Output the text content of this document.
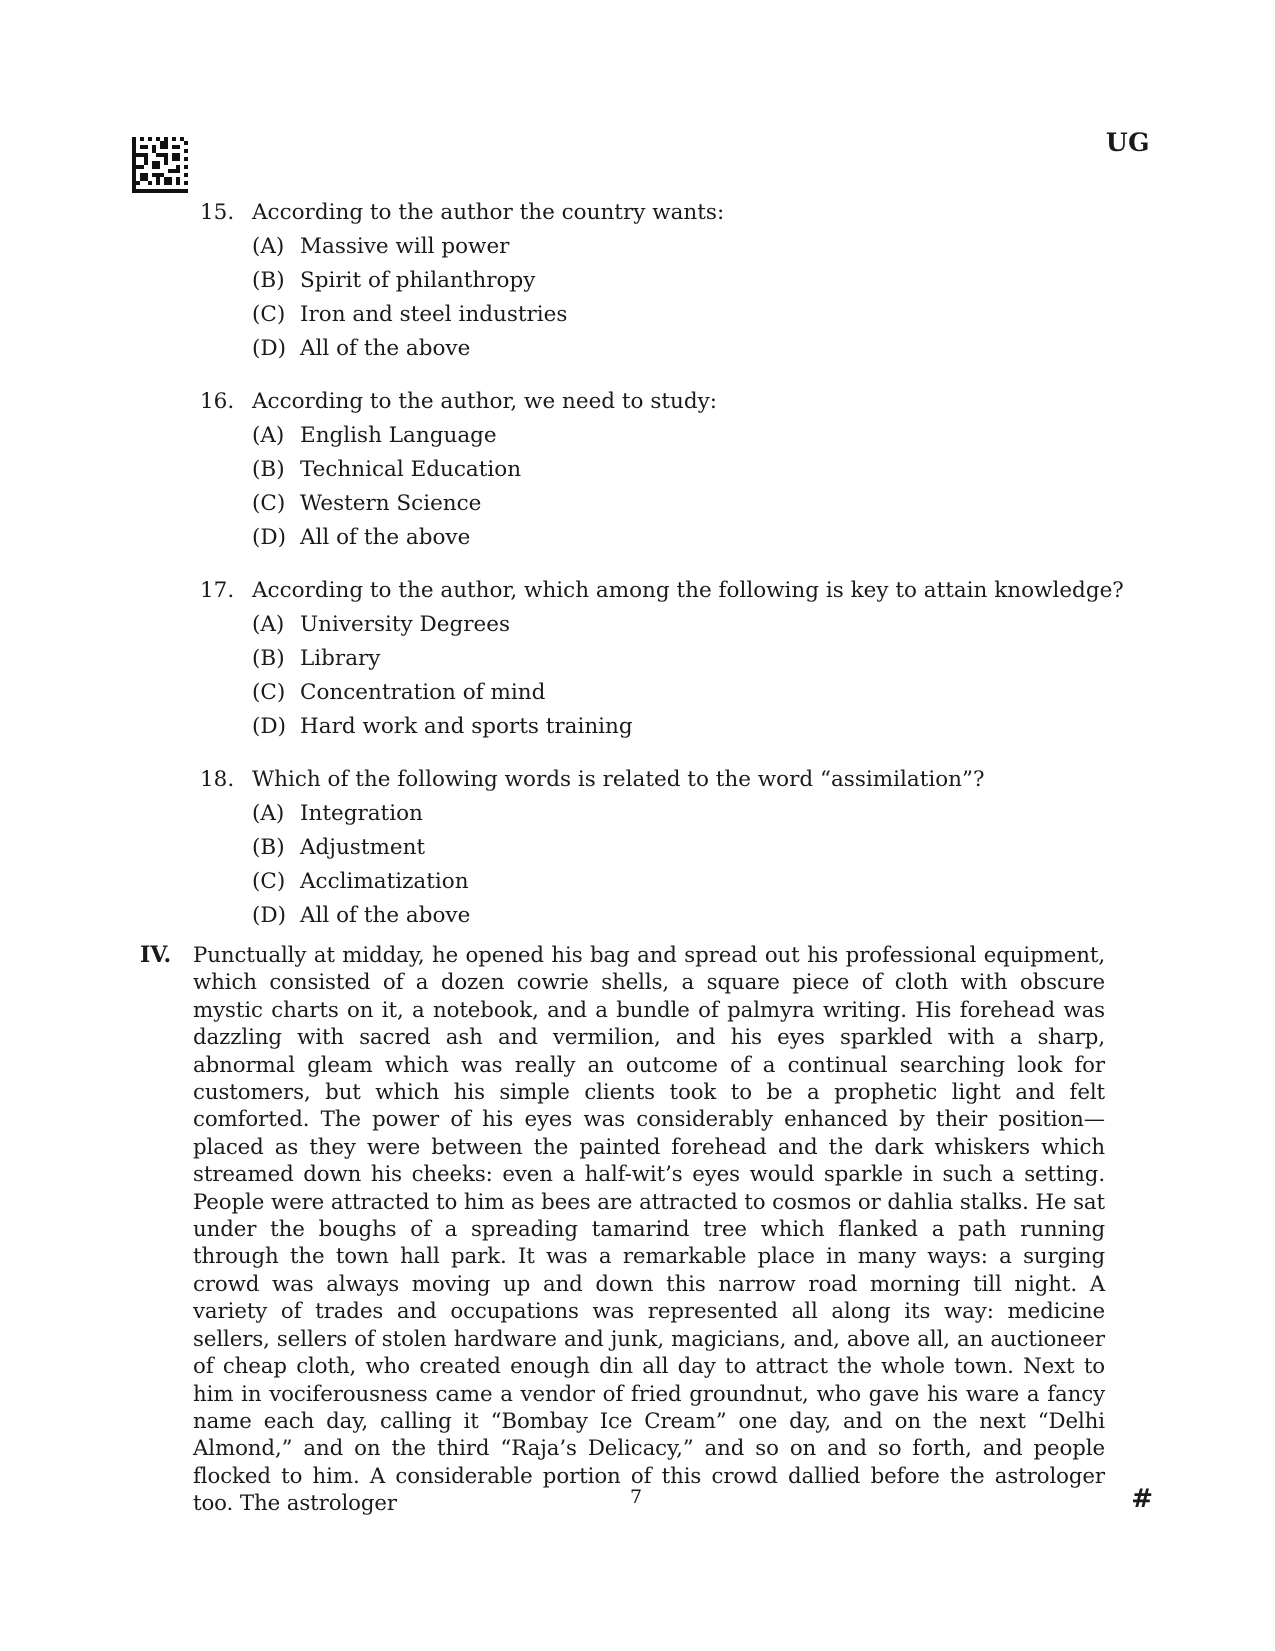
UG
15. According to the author the country wants:
(A) Massive will power
(B) Spirit of philanthropy
(C) Iron and steel industries
(D) All of the above
16. According to the author, we need to study:
(A) English Language
(B) Technical Education
(C) Western Science
(D) All of the above
17. According to the author, which among the following is key to attain knowledge?
(A) University Degrees
(B) Library
(C) Concentration of mind
(D) Hard work and sports training
18. Which of the following words is related to the word “assimilation”?
(A) Integration
(B) Adjustment
(C) Acclimatization
(D) All of the above
IV.	Punctually at midday, he opened his bag and spread out his professional equipment, which consisted of a dozen cowrie shells, a square piece of cloth with obscure mystic charts on it, a notebook, and a bundle of palmyra writing. His forehead was dazzling with sacred ash and vermilion, and his eyes sparkled with a sharp, abnormal gleam which was really an outcome of a continual searching look for customers, but which his simple clients took to be a prophetic light and felt comforted. The power of his eyes was considerably enhanced by their position—placed as they were between the painted forehead and the dark whiskers which streamed down his cheeks: even a half-wit’s eyes would sparkle in such a setting. People were attracted to him as bees are attracted to cosmos or dahlia stalks. He sat under the boughs of a spreading tamarind tree which flanked a path running through the town hall park. It was a remarkable place in many ways: a surging crowd was always moving up and down this narrow road morning till night. A variety of trades and occupations was represented all along its way: medicine sellers, sellers of stolen hardware and junk, magicians, and, above all, an auctioneer of cheap cloth, who created enough din all day to attract the whole town. Next to him in vociferousness came a vendor of fried groundnut, who gave his ware a fancy name each day, calling it “Bombay Ice Cream” one day, and on the next “Delhi Almond,” and on the third “Raja’s Delicacy,” and so on and so forth, and people flocked to him. A considerable portion of this crowd dallied before the astrologer too. The astrologer	7	#
